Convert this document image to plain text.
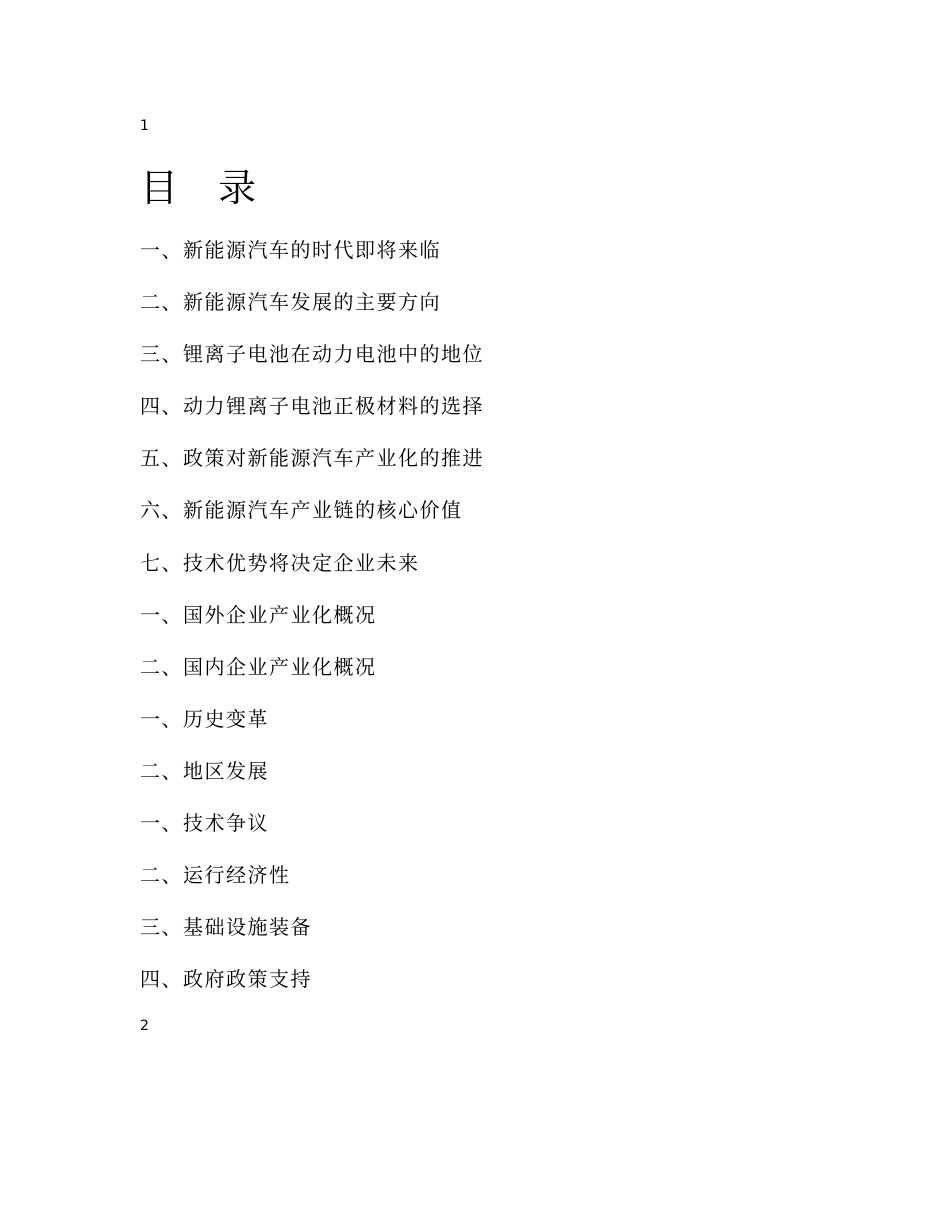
1
目 录
一、新能源汽车的时代即将来临
二、新能源汽车发展的主要方向
三、锂离子电池在动力电池中的地位
四、动力锂离子电池正极材料的选择
五、政策对新能源汽车产业化的推进
六、新能源汽车产业链的核心价值
七、技术优势将决定企业未来
一、国外企业产业化概况
二、国内企业产业化概况
一、历史变革
二、地区发展
一、技术争议
二、运行经济性
三、基础设施装备
四、政府政策支持
2
